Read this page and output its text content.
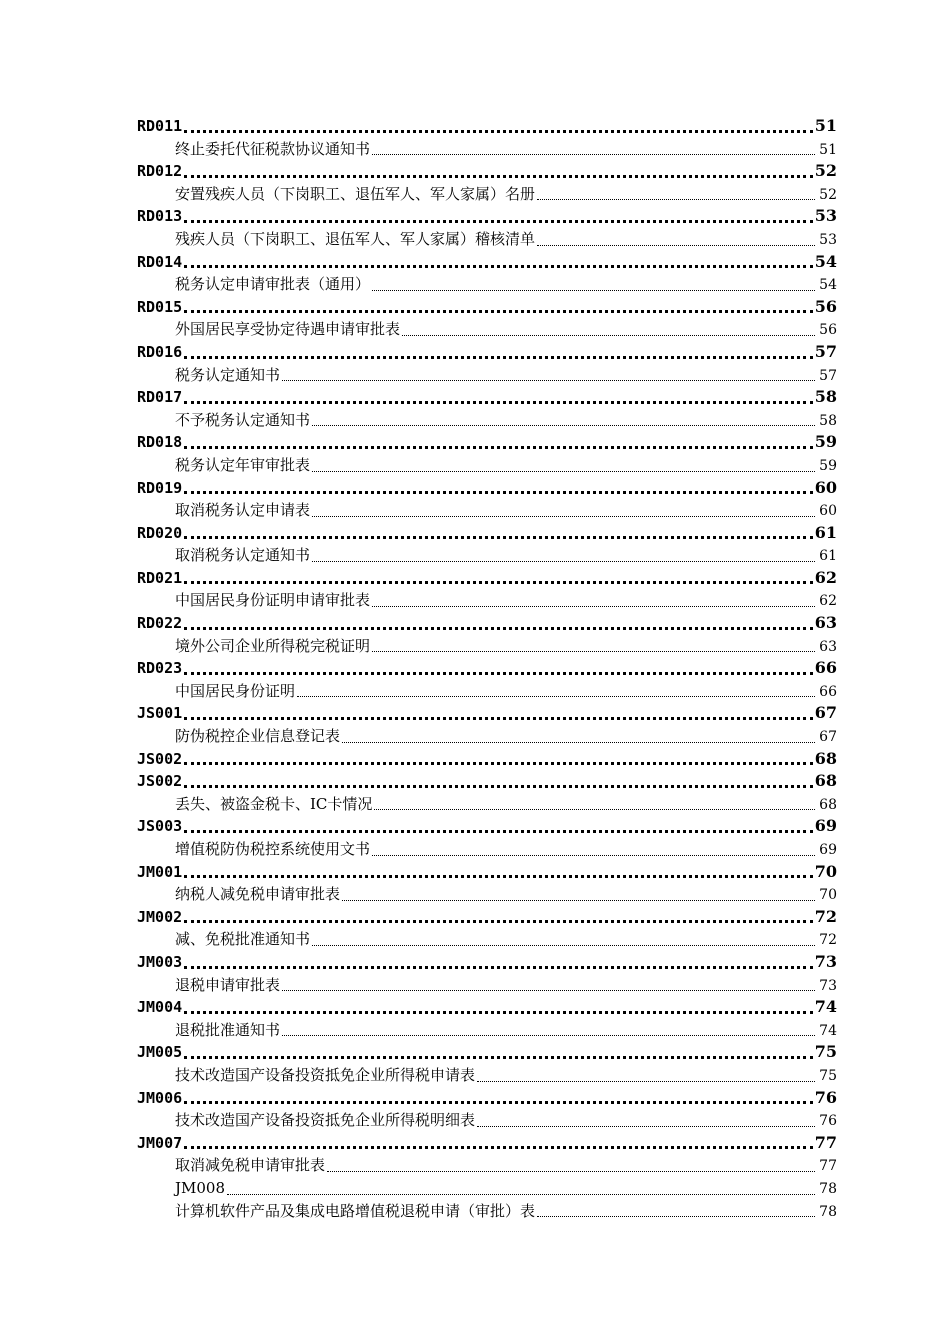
RD011	51
终止委托代征税款协议通知书	51
RD012	52
安置残疾人员（下岗职工、退伍军人、军人家属）名册	52
RD013	53
残疾人员（下岗职工、退伍军人、军人家属）稽核清单	53
RD014	54
税务认定申请审批表（通用）	54
RD015	56
外国居民享受协定待遇申请审批表	56
RD016	57
税务认定通知书	57
RD017	58
不予税务认定通知书	58
RD018	59
税务认定年审审批表	59
RD019	60
取消税务认定申请表	60
RD020	61
取消税务认定通知书	61
RD021	62
中国居民身份证明申请审批表	62
RD022	63
境外公司企业所得税完税证明	63
RD023	66
中国居民身份证明	66
JS001	67
防伪税控企业信息登记表	67
JS002	68
JS002	68
丢失、被盗金税卡、IC卡情况	68
JS003	69
增值税防伪税控系统使用文书	69
JM001	70
纳税人减免税申请审批表	70
JM002	72
减、免税批准通知书	72
JM003	73
退税申请审批表	73
JM004	74
退税批准通知书	74
JM005	75
技术改造国产设备投资抵免企业所得税申请表	75
JM006	76
技术改造国产设备投资抵免企业所得税明细表	76
JM007	77
取消减免税申请审批表	77
JM008	78
计算机软件产品及集成电路增值税退税申请（审批）表	78
